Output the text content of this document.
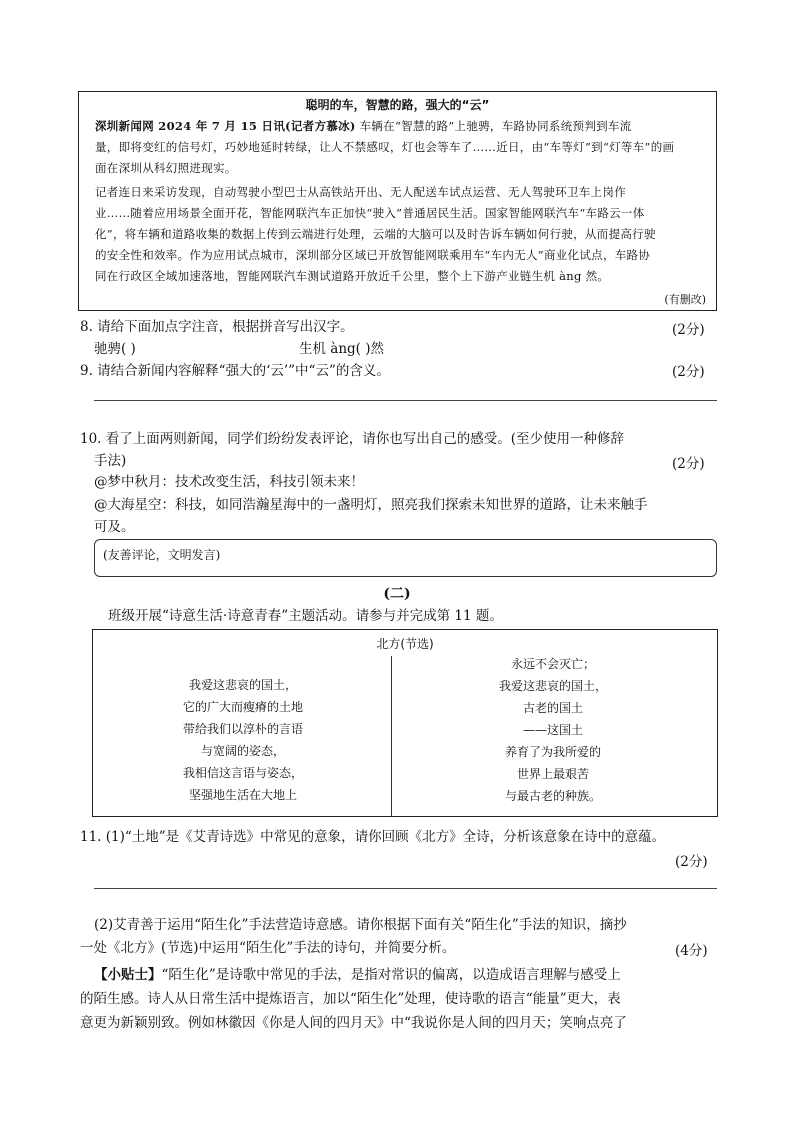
聪明的车，智慧的路，强大的“云”
深圳新闻网 2024 年 7 月 15 日讯(记者方慕冰) 车辆在“智慧的路”上驰骋，车路协同系统预判到车流
量，即将变红的信号灯，巧妙地延时转绿，让人不禁感叹，灯也会等车了……近日，由“车等灯”到“灯等车”的画
面在深圳从科幻照进现实。
记者连日来采访发现，自动驾驶小型巴士从高铁站开出、无人配送车试点运营、无人驾驶环卫车上岗作
业……随着应用场景全面开花，智能网联汽车正加快“驶入”普通居民生活。国家智能网联汽车“车路云一体
化”，将车辆和道路收集的数据上传到云端进行处理，云端的大脑可以及时告诉车辆如何行驶，从而提高行驶
的安全性和效率。作为应用试点城市，深圳部分区域已开放智能网联乘用车“车内无人”商业化试点，车路协
同在行政区全域加速落地，智能网联汽车测试道路开放近千公里，整个上下游产业链生机 àng 然。
(有删改)
8. 请给下面加点字注音，根据拼音写出汉字。	(2分)
驰骋( )	生机 àng( )然
9. 请结合新闻内容解释“强大的‘云’”中“云”的含义。	(2分)
10. 看了上面两则新闻，同学们纷纷发表评论，请你也写出自己的感受。(至少使用一种修辞
手法)	(2分)
@梦中秋月：技术改变生活，科技引领未来！
@大海星空：科技，如同浩瀚星海中的一盏明灯，照亮我们探索未知世界的道路，让未来触手
可及。
(友善评论，文明发言)
(二)
班级开展“诗意生活·诗意青春”主题活动。请参与并完成第 11 题。
北方(节选)
我爱这悲哀的国土，
它的广大而瘦瘠的土地
带给我们以淳朴的言语
与宽阔的姿态，
我相信这言语与姿态，
坚强地生活在大地上
永远不会灭亡；
我爱这悲哀的国土，
古老的国土
——这国土
养育了为我所爱的
世界上最艰苦
与最古老的种族。
11. (1)“土地”是《艾青诗选》中常见的意象，请你回顾《北方》全诗，分析该意象在诗中的意蕴。
(2分)
(2)艾青善于运用“陌生化”手法营造诗意感。请你根据下面有关“陌生化”手法的知识，摘抄
一处《北方》(节选)中运用“陌生化”手法的诗句，并简要分析。	(4分)
【小贴士】“陌生化”是诗歌中常见的手法，是指对常识的偏离，以造成语言理解与感受上
的陌生感。诗人从日常生活中提炼语言，加以“陌生化”处理，使诗歌的语言“能量”更大，表
意更为新颖别致。例如林徽因《你是人间的四月天》中“我说你是人间的四月天；笑响点亮了
